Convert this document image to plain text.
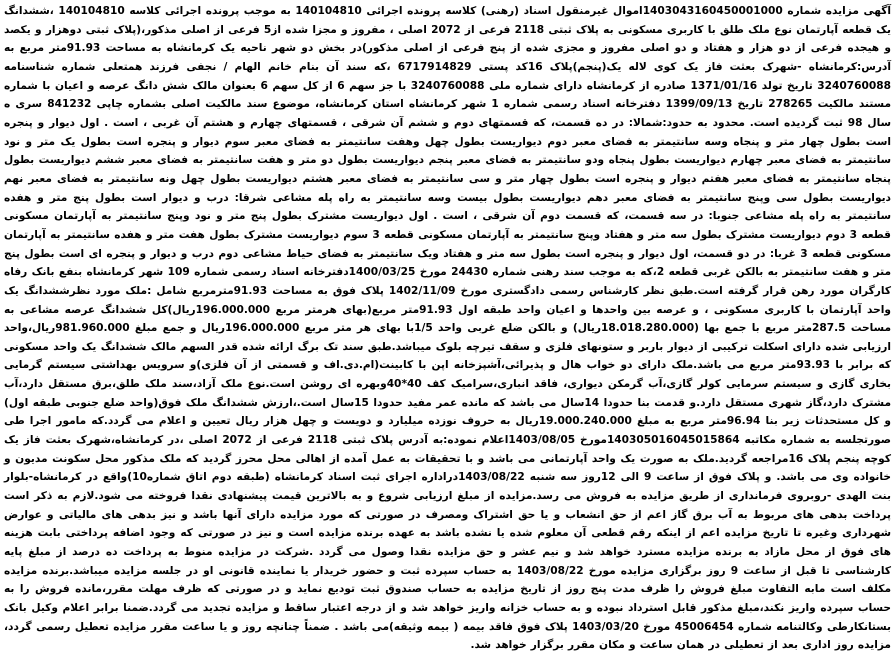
آگهی مزایده شماره 1403043160450001000اموال غیرمنقول اسناد (رهنی) کلاسه پرونده اجرائی 140104810 به موجب پرونده اجرائی کلاسه 140104810 ،ششدانگ یک قطعه آپارتمان نوع ملک طلق با کاربری مسکونی به پلاک ثبتی 2118 فرعی از 2072 اصلی ، مفروز و مجزا شده از5 فرعی از اصلی مذکور،(پلاک ثبتی دوهزار و یکصد و هیجده فرعی از دو هزار و هفتاد و دو اصلی مفروز و مجزی شده از پنج فرعی از اصلی مذکور)در بخش دو شهر ناحیه یک کرمانشاه به مساحت 91.93متر مربع به آدرس:کرمانشاه -شهرک بعثت فاز یک کوی لاله یک(پنجم)پلاک 16کد پستی 6717914829 ،که سند آن بنام خانم الهام / نجفی فرزند همتعلی شماره شناسنامه 3240760088 تاریخ تولد 1371/01/16 صادره از کرمانشاه دارای شماره ملی 3240760088 با جز سهم 6 از کل سهم 6 بعنوان مالک شش دانگ عرصه و اعیان با شماره مستند مالکیت 278265 تاریخ 1399/09/13 دفترخانه اسناد رسمی شماره 1 شهر کرمانشاه استان کرمانشاه، موضوع سند مالکیت اصلی بشماره چاپی 841232 سری ه سال 98 ثبت گردیده است. محدود به حدود:شمالا: در ده قسمت، که قسمتهای دوم و ششم آن شرقی ، قسمتهای چهارم و هشتم آن غربی ، است . اول دیوار و پنجره است بطول چهار متر و پنجاه وسه سانتیمتر به فضای معبر دوم دیواریست بطول چهل وهفت سانتیمتر به فضای معبر سوم دیوار و پنجره است بطول یک متر و نود سانتیمتر به فضای معبر چهارم دیواریست بطول پنجاه ودو سانتیمتر به فضای معبر پنجم دیواریست بطول دو متر و هفت سانتیمتر به فضای معبر ششم دیواریست بطول پنجاه سانتیمتر به فضای معبر هفتم دیوار و پنجره است بطول چهار متر و سی سانتیمتر به فضای معبر هشتم دیواریست بطول چهل ونه سانتیمتر به فضای معبر نهم دیواریست بطول سی وپنج سانتیمتر به فضای معبر دهم دیواریست بطول بیست وسه سانتیمتر به راه پله مشاعی شرقا: درب و دیوار است بطول پنج متر و هفده سانتیمتر به راه پله مشاعی جنوبا: در سه قسمت، که قسمت دوم آن شرقی ، است . اول دیواریست مشترک بطول پنج متر و نود وپنج سانتیمتر به آپارتمان مسکونی قطعه 3 دوم دیواریست مشترک بطول سه متر و هفتاد وپنج سانتیمتر به آپارتمان مسکونی قطعه 3 سوم دیواریست مشترک بطول هفت متر و هفده سانتیمتر به آپارتمان مسکونی قطعه 3 غربا: در دو قسمت، اول دیوار و پنجره است بطول سه متر و هفتاد ویک سانتیمتر به فضای حیاط مشاعی دوم درب و دیوار و پنجره ای است بطول پنج متر و هفت سانتیمتر به بالکن غربی قطعه 2،که به موجب سند رهنی شماره 24430 مورخ 1400/03/25دفترخانه اسناد رسمی شماره 109 شهر کرمانشاه بنفع بانک رفاه کارگران مورد رهن قرار گرفته است.طبق نظر کارشناس رسمی دادگستری مورخ 1402/11/09 پلاک فوق به مساحت 91.93مترمربع شامل :ملک مورد نظرششدانگ یک واحد آپارتمان با کاربری مسکونی ، و عرصه بین واحدها و اعیان واحد طبقه اول 91.93متر مربع(بهای هرمتر مربع 196.000.000ریال)کل ششدانگ عرصه مشاعی به مساحت 287.5متر مربع با جمع بها (18.018.280.000ریال) و بالکن ضلع غربی واحد 1/5با بهای هر متر مربع 196.000.000ریال و جمع مبلغ 981.960.000ریال،واحد ارزیابی شده دارای اسکلت ترکیبی از دیوار باربر و ستونهای فلزی و سقف تیرچه بلوک میباشد.طبق سند تک برگ ارائه شده قدر السهم مالک ششدانگ یک واحد مسکونی که برابر با 93.93متر مربع می باشد.ملک دارای دو خواب هال و پذیرائی،آشپزخانه اپن با کابینت(ام.دی.اف و قسمتی از آن فلزی)و سرویس بهداشتی سیستم گرمایی بخاری گازی و سیستم سرمایی کولر گازی،آب گرمکن دیواری، فاقد انباری،سرامیک کف 40*40وبهره ای روشن است.نوع ملک آزاد،سند ملک طلق،برق مستقل دارد،آب مشترک دارد،گاز شهری مستقل دارد.و قدمت بنا حدودا 14سال می باشد که مانده عمر مفید حدودا 15سال است.،ارزش ششدانگ ملک فوق(واحد ضلع جنوبی طبقه اول) و کل مستحدثات زیر بنا 96.94متر مربع به مبلغ 19.000.240.000ریال به حروف نوزده میلیارد و دویست و چهل هزار ریال تعیین و اعلام می گردد.که مامور اجرا طی صورتجلسه به شماره مکاتبه 140305016045015864مورخ 1403/08/05اعلام نموده:به آدرس پلاک ثبتی 2118 فرعی از 2072 اصلی ،در کرمانشاه،شهرک بعثت فاز یک کوچه پنجم پلاک 16مراجعه گردید.ملک به صورت یک واحد آپارتمانی می باشد و با تحقیقات به عمل آمده از اهالی محل محرز گردید که ملک مذکور محل سکونت مدیون و خانواده وی می باشد. و پلاک فوق از ساعت 9 الی 12روز سه شنبه 1403/08/22دراداره اجرای ثبت اسناد کرمانشاه (طبقه دوم اتاق شماره10)واقع در کرمانشاه-بلوار بنت الهدی -روبروی فرمانداری از طریق مزایده به فروش می رسد.مزایده از مبلغ ارزیابی شروع و به بالاترین قیمت پیشنهادی نقدا فروخته می شود.لازم به ذکر است پرداخت بدهی های مربوط به آب برق گاز اعم از حق انشعاب و یا حق اشتراک ومصرف در صورتی که مورد مزایده دارای آنها باشد و نیز بدهی های مالیاتی و عوارض شهرداری وغیره تا تاریخ مزایده اعم از اینکه رقم قطعی آن معلوم شده یا نشده باشد به عهده برنده مزایده است و نیز در صورتی که وجود اضافه پرداختی بابت هزینه های فوق از محل مازاد به برنده مزایده مسترد خواهد شد و نیم عشر و حق مزایده نقدا وصول می گردد .شرکت در مزایده منوط به پرداخت ده درصد از مبلغ پایه کارشناسی تا قبل از ساعت 9 روز برگزاری مزایده مورخ 1403/08/22 به حساب سپرده ثبت و حضور خریدار یا نماینده قانونی او در جلسه مزایده میباشد.برنده مزایده مکلف است مابه التفاوت مبلغ فروش را ظرف مدت پنج روز از تاریخ مزایده به حساب صندوق ثبت تودیع نماید و در صورتی که ظرف مهلت مقرر،مانده فروش را به حساب سپرده واریز نکند،مبلغ مذکور قابل استرداد نبوده و به حساب خزانه واریز خواهد شد و از درجه اعتبار ساقط و مزایده تجدید می گردد.ضمنا برابر اعلام وکیل بانک بستانکارطی وکالتنامه شماره 45006454 مورخ 1403/03/20 پلاک فوق فاقد بیمه ( بیمه وثیقه)می باشد . ضمناً چنانچه روز و یا ساعت مقرر مزایده تعطیل رسمی گردد، مزایده روز اداری بعد از تعطیلی در همان ساعت و مکان مقرر برگزار خواهد شد.
